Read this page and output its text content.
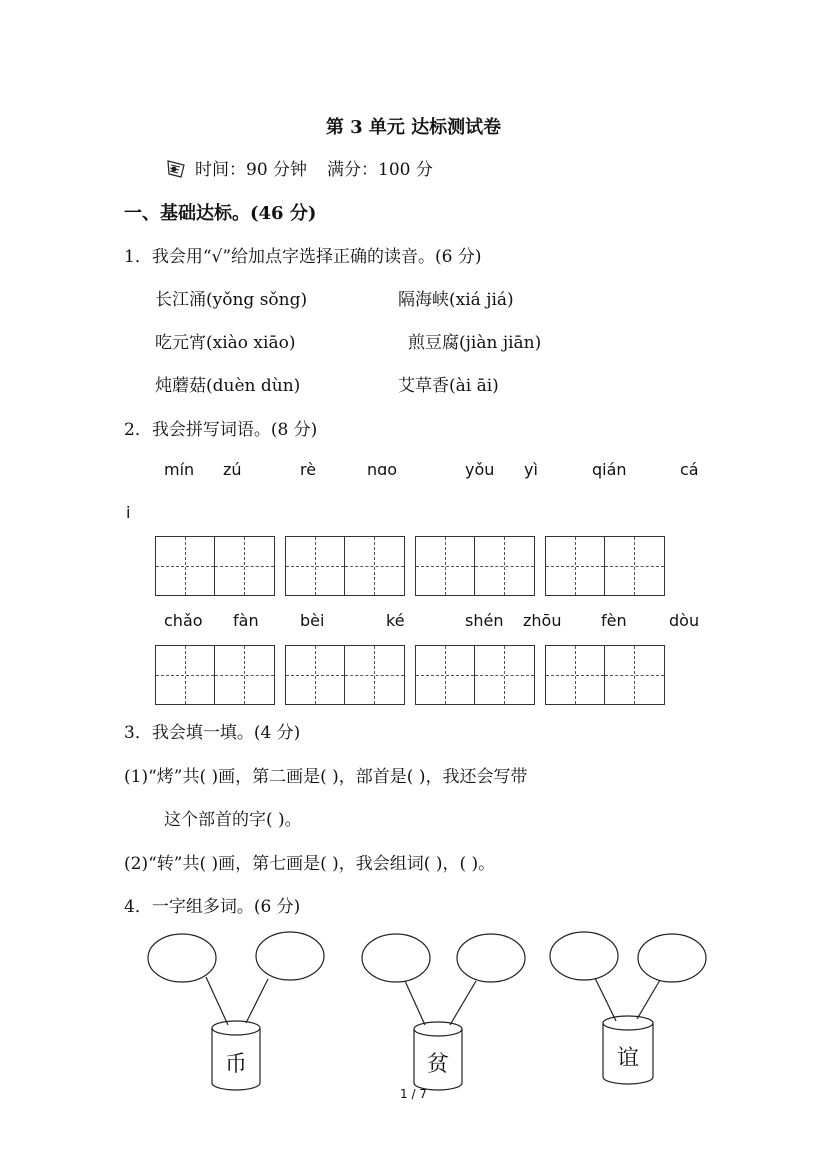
第 3 单元 达标测试卷
时间：90 分钟 满分：100 分
一、基础达标。(46 分)
1．我会用“√”给加点字选择正确的读音。(6 分)
长江涌(yǒng sǒng)	隔海峡(xiá jiá)
吃元宵(xiào xiāo)	煎豆腐(jiàn jiān)
炖蘑菇(duèn dùn)	艾草香(ài āi)
2．我会拼写词语。(8 分)
mín zú	rè	nɑo	yǒu yì	qián	cá
i
chǎo fàn	bèi	ké	shén zhōu fèn	dòu
3．我会填一填。(4 分)
(1)“烤”共( )画，第二画是( )，部首是( )，我还会写带
这个部首的字( )。
(2)“转”共( )画，第七画是( )，我会组词( )，( )。
4．一字组多词。(6 分)
币	贫	谊
1 / 7
